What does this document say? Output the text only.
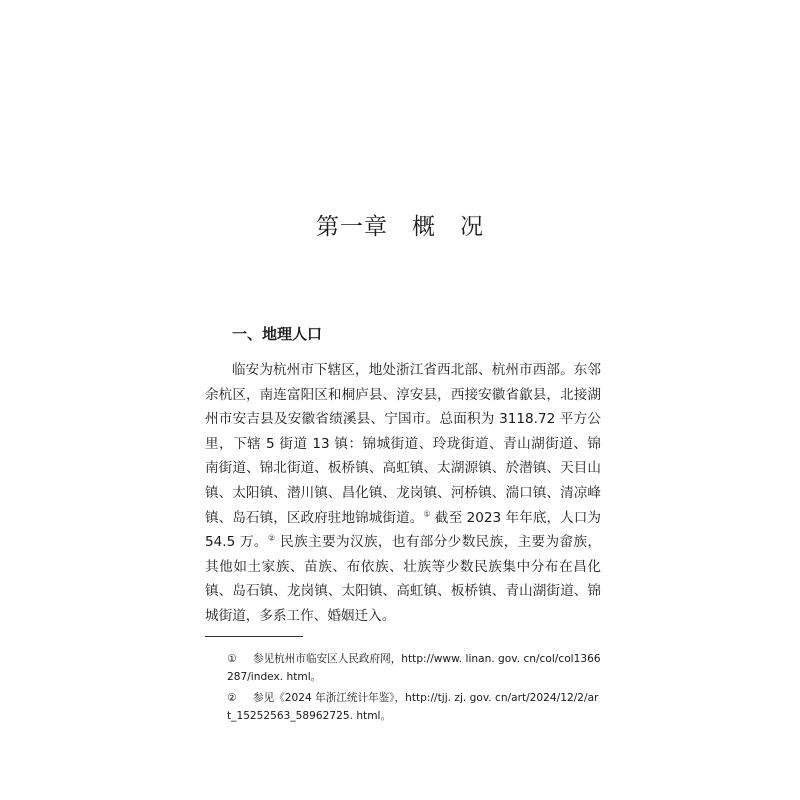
第一章　概　况
一、地理人口

临安为杭州市下辖区，地处浙江省西北部、杭州市西部。东邻余杭区，南连富阳区和桐庐县、淳安县，西接安徽省歙县，北接湖州市安吉县及安徽省绩溪县、宁国市。总面积为 3118.72 平方公里，下辖 5 街道 13 镇：锦城街道、玲珑街道、青山湖街道、锦南街道、锦北街道、板桥镇、高虹镇、太湖源镇、於潜镇、天目山镇、太阳镇、潜川镇、昌化镇、龙岗镇、河桥镇、湍口镇、清凉峰镇、岛石镇，区政府驻地锦城街道。① 截至 2023 年年底，人口为 54.5 万。② 民族主要为汉族，也有部分少数民族，主要为畲族，其他如土家族、苗族、布依族、壮族等少数民族集中分布在昌化镇、岛石镇、龙岗镇、太阳镇、高虹镇、板桥镇、青山湖街道、锦城街道，多系工作、婚姻迁入。

① 参见杭州市临安区人民政府网，http://www. linan. gov. cn/col/col1366287/index. html。

② 参见《2024 年浙江统计年鉴》，http://tjj. zj. gov. cn/art/2024/12/2/art_15252563_58962725. html。
